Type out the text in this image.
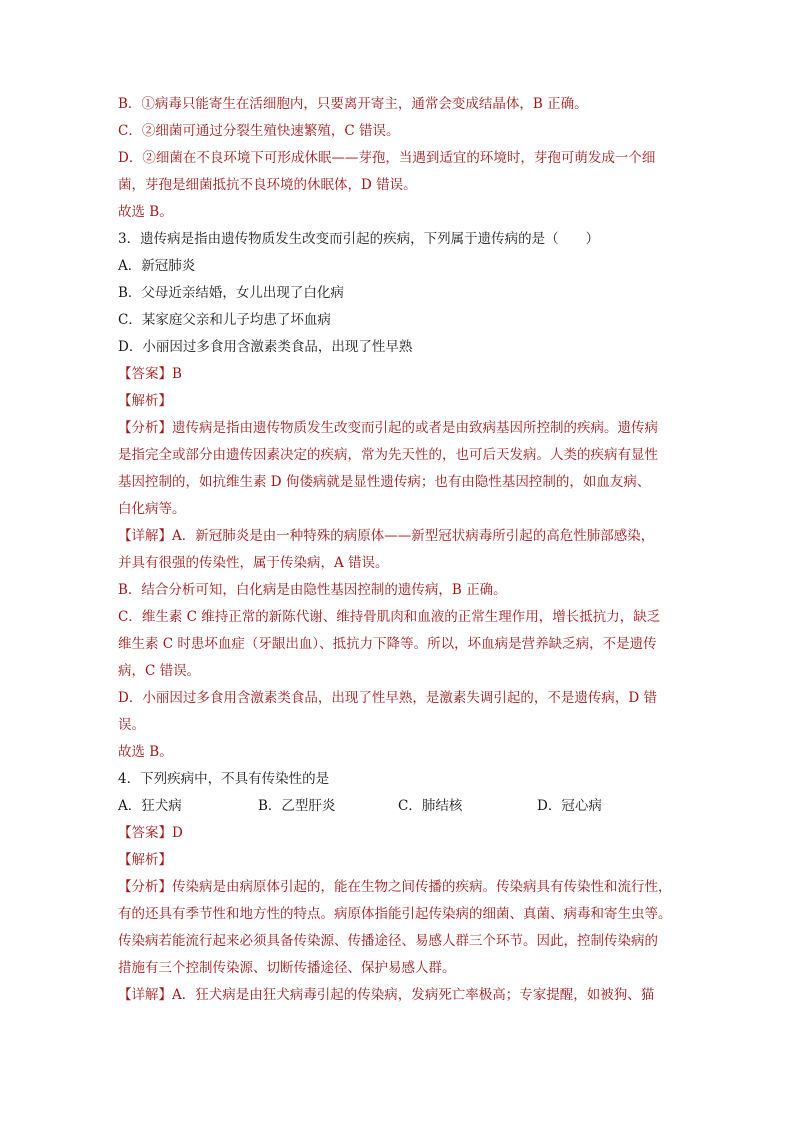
B．①病毒只能寄生在活细胞内，只要离开寄主，通常会变成结晶体，B 正确。
C．②细菌可通过分裂生殖快速繁殖，C 错误。
D．②细菌在不良环境下可形成休眠——芽孢，当遇到适宜的环境时，芽孢可萌发成一个细
菌，芽孢是细菌抵抗不良环境的休眠体，D 错误。
故选 B。
3．遗传病是指由遗传物质发生改变而引起的疾病，下列属于遗传病的是（　　）
A．新冠肺炎
B．父母近亲结婚，女儿出现了白化病
C．某家庭父亲和儿子均患了坏血病
D．小丽因过多食用含激素类食品，出现了性早熟
【答案】B
【解析】
【分析】遗传病是指由遗传物质发生改变而引起的或者是由致病基因所控制的疾病。遗传病
是指完全或部分由遗传因素决定的疾病，常为先天性的，也可后天发病。人类的疾病有显性
基因控制的，如抗维生素 D 佝偻病就是显性遗传病；也有由隐性基因控制的，如血友病、
白化病等。
【详解】A．新冠肺炎是由一种特殊的病原体——新型冠状病毒所引起的高危性肺部感染，
并具有很强的传染性，属于传染病，A 错误。
B．结合分析可知，白化病是由隐性基因控制的遗传病，B 正确。
C．维生素 C 维持正常的新陈代谢、维持骨肌肉和血液的正常生理作用，增长抵抗力，缺乏
维生素 C 时患坏血症（牙龈出血）、抵抗力下降等。所以，坏血病是营养缺乏病，不是遗传
病，C 错误。
D．小丽因过多食用含激素类食品，出现了性早熟，是激素失调引起的，不是遗传病，D 错
误。
故选 B。
4．下列疾病中，不具有传染性的是
【答案】D
【解析】
【分析】传染病是由病原体引起的，能在生物之间传播的疾病。传染病具有传染性和流行性，
有的还具有季节性和地方性的特点。病原体指能引起传染病的细菌、真菌、病毒和寄生虫等。
传染病若能流行起来必须具备传染源、传播途径、易感人群三个环节。因此，控制传染病的
措施有三个控制传染源、切断传播途径、保护易感人群。
【详解】A．狂犬病是由狂犬病毒引起的传染病，发病死亡率极高；专家提醒，如被狗、猫
A．狂犬病	B．乙型肝炎	C．肺结核	D．冠心病
